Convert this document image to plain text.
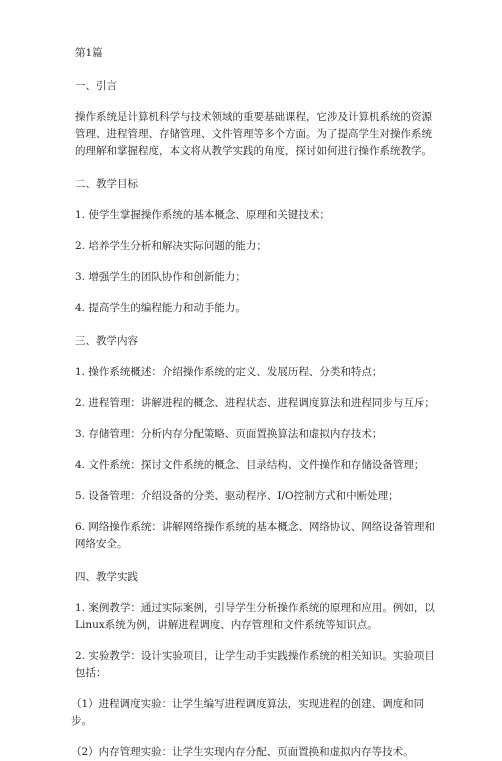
第1篇

一、引言

操作系统是计算机科学与技术领域的重要基础课程，它涉及计算机系统的资源管理、进程管理、存储管理、文件管理等多个方面。为了提高学生对操作系统的理解和掌握程度，本文将从教学实践的角度，探讨如何进行操作系统教学。

二、教学目标

1. 使学生掌握操作系统的基本概念、原理和关键技术；

2. 培养学生分析和解决实际问题的能力；

3. 增强学生的团队协作和创新能力；

4. 提高学生的编程能力和动手能力。

三、教学内容

1. 操作系统概述：介绍操作系统的定义、发展历程、分类和特点；

2. 进程管理：讲解进程的概念、进程状态、进程调度算法和进程同步与互斥；

3. 存储管理：分析内存分配策略、页面置换算法和虚拟内存技术；

4. 文件系统：探讨文件系统的概念、目录结构、文件操作和存储设备管理；

5. 设备管理：介绍设备的分类、驱动程序、I/O控制方式和中断处理；

6. 网络操作系统：讲解网络操作系统的基本概念、网络协议、网络设备管理和网络安全。

四、教学实践

1. 案例教学：通过实际案例，引导学生分析操作系统的原理和应用。例如，以Linux系统为例，讲解进程调度、内存管理和文件系统等知识点。

2. 实验教学：设计实验项目，让学生动手实践操作系统的相关知识。实验项目包括：

（1）进程调度实验：让学生编写进程调度算法，实现进程的创建、调度和同步。

（2）内存管理实验：让学生实现内存分配、页面置换和虚拟内存等技术。
